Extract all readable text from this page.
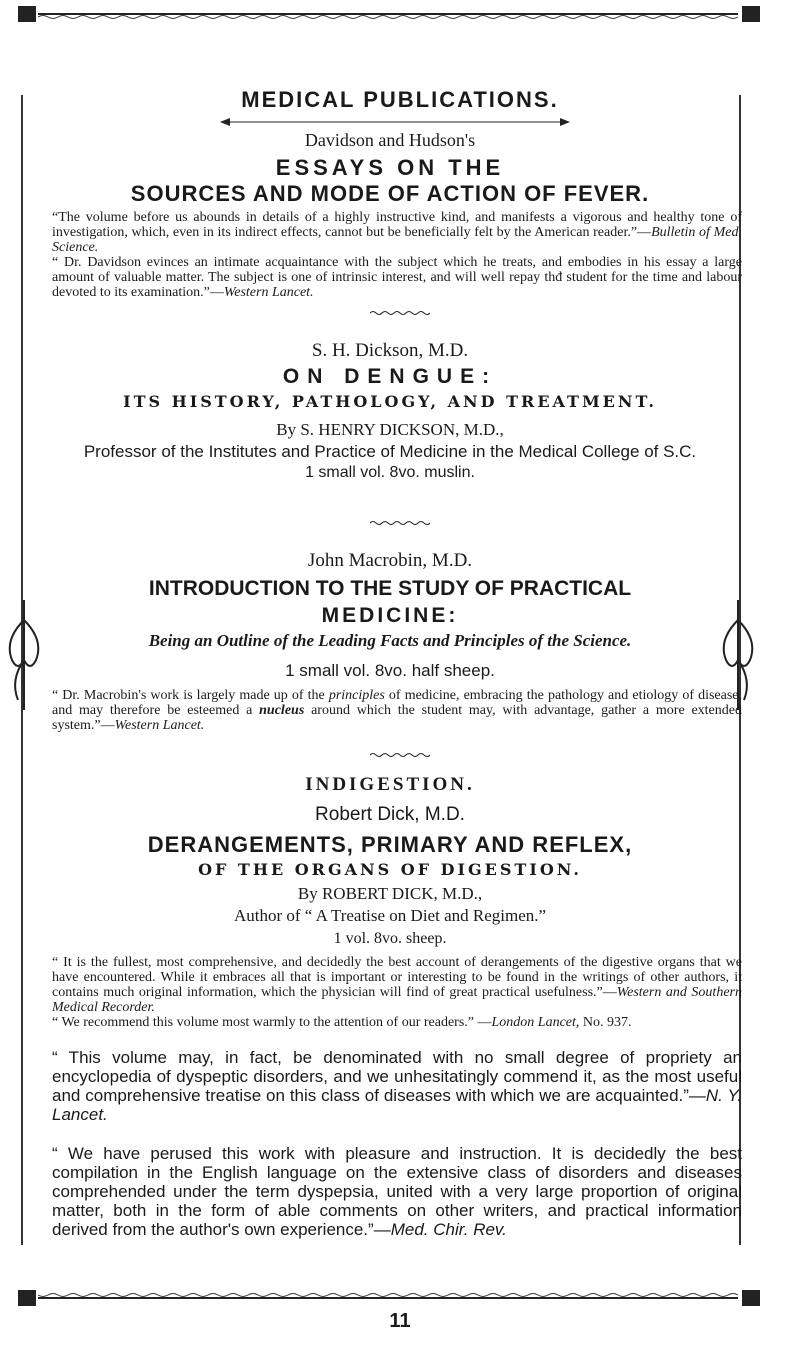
MEDICAL PUBLICATIONS.
Davidson and Hudson's
ESSAYS ON THE
SOURCES AND MODE OF ACTION OF FEVER.
“The volume before us abounds in details of a highly instructive kind, and manifests a vigorous and healthy tone of investigation, which, even in its indirect effects, cannot but be beneficially felt by the American reader.”—Bulletin of Med. Science.
“ Dr. Davidson evinces an intimate acquaintance with the subject which he treats, and embodies in his essay a large amount of valuable matter. The subject is one of intrinsic interest, and will well repay thđ student for the time and labour devoted to its examination.”—Western Lancet.
S. H. Dickson, M.D.
ON DENGUE:
ITS HISTORY, PATHOLOGY, AND TREATMENT.
By S. HENRY DICKSON, M.D.,
Professor of the Institutes and Practice of Medicine in the Medical College of S.C.
1 small vol. 8vo. muslin.
John Macrobin, M.D.
INTRODUCTION TO THE STUDY OF PRACTICAL
MEDICINE:
Being an Outline of the Leading Facts and Principles of the Science.
1 small vol. 8vo. half sheep.
“ Dr. Macrobin's work is largely made up of the principles of medicine, embracing the pathology and etiology of disease, and may therefore be esteemed a nucleus around which the student may, with advantage, gather a more extended system.”—Western Lancet.
INDIGESTION.
Robert Dick, M.D.
DERANGEMENTS, PRIMARY AND REFLEX,
OF THE ORGANS OF DIGESTION.
By ROBERT DICK, M.D.,
Author of “ A Treatise on Diet and Regimen.”
1 vol. 8vo. sheep.
“ It is the fullest, most comprehensive, and decidedly the best account of derangements of the digestive organs that we have encountered. While it embraces all that is important or interesting to be found in the writings of other authors, it contains much original information, which the physician will find of great practical usefulness.”—Western and Southern Medical Recorder.
“ We recommend this volume most warmly to the attention of our readers.” —London Lancet, No. 937.
“ This volume may, in fact, be denominated with no small degree of propriety an encyclopedia of dyspeptic disorders, and we unhesitatingly commend it, as the most useful and comprehensive treatise on this class of diseases with which we are acquainted.”—N. Y. Lancet.
“ We have perused this work with pleasure and instruction. It is decidedly the best compilation in the English language on the extensive class of disorders and diseases comprehended under the term dyspepsia, united with a very large proportion of original matter, both in the form of able comments on other writers, and practical information derived from the author's own experience.”—Med. Chir. Rev.
11
